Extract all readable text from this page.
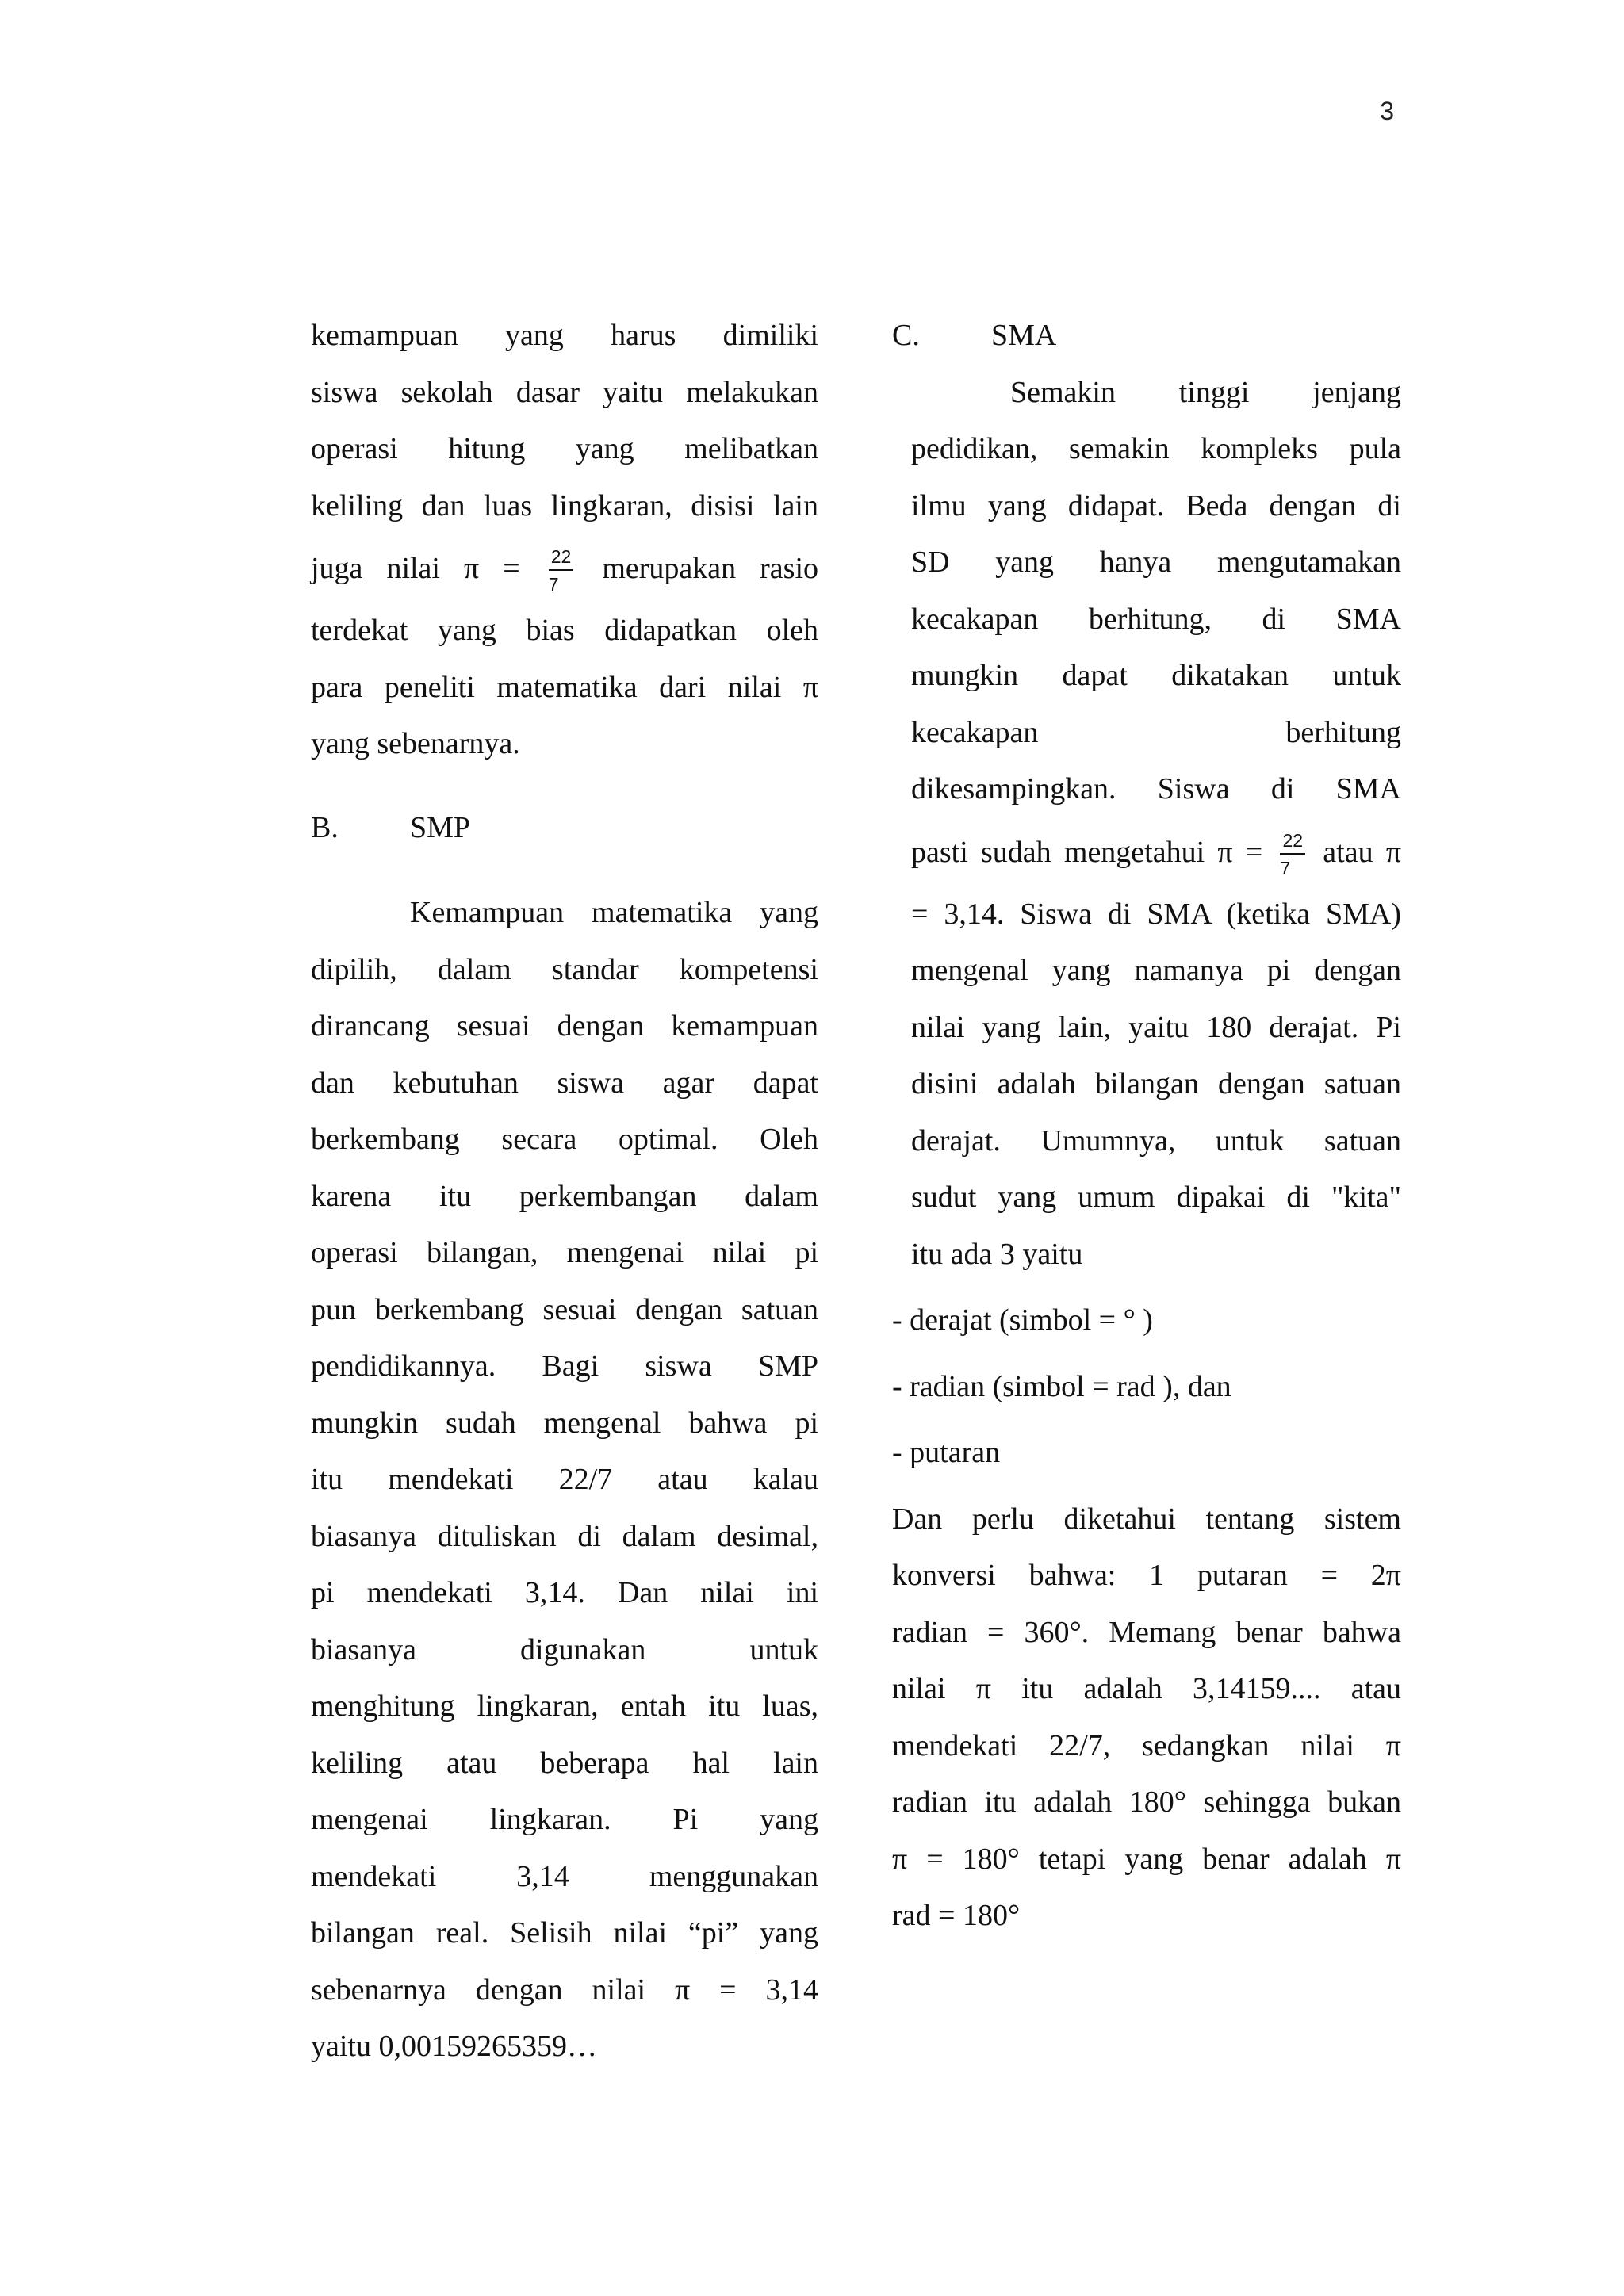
3

kemampuan yang harus dimiliki

siswa sekolah dasar yaitu melakukan

operasi hitung yang melibatkan

keliling dan luas lingkaran, disisi lain

juga nilai $\pi = \frac{22}{7}$ merupakan rasio

terdekat yang bias didapatkan oleh

para peneliti matematika dari nilai π

yang sebenarnya.

B.	SMP

Kemampuan matematika yang

dipilih, dalam standar kompetensi

dirancang sesuai dengan kemampuan

dan kebutuhan siswa agar dapat

berkembang secara optimal. Oleh

karena itu perkembangan dalam

operasi bilangan, mengenai nilai pi

pun berkembang sesuai dengan satuan

pendidikannya. Bagi siswa SMP

mungkin sudah mengenal bahwa pi

itu mendekati 22/7 atau kalau

biasanya dituliskan di dalam desimal,

pi mendekati 3,14. Dan nilai ini

biasanya digunakan untuk

menghitung lingkaran, entah itu luas,

keliling atau beberapa hal lain

mengenai lingkaran. Pi yang

mendekati 3,14 menggunakan

bilangan real. Selisih nilai “pi” yang

sebenarnya dengan nilai π = 3,14

yaitu 0,00159265359…

C.	SMA

Semakin tinggi jenjang

pedidikan, semakin kompleks pula

ilmu yang didapat. Beda dengan di

SD yang hanya mengutamakan

kecakapan berhitung, di SMA

mungkin dapat dikatakan untuk

kecakapan berhitung

dikesampingkan. Siswa di SMA

pasti sudah mengetahui $\pi = \frac{22}{7}$ atau π

= 3,14. Siswa di SMA (ketika SMA)

mengenal yang namanya pi dengan

nilai yang lain, yaitu 180 derajat. Pi

disini adalah bilangan dengan satuan

derajat. Umumnya, untuk satuan

sudut yang umum dipakai di "kita"

itu ada 3 yaitu

- derajat (simbol = ° )

- radian (simbol = rad ), dan

- putaran

Dan perlu diketahui tentang sistem

konversi bahwa: 1 putaran = 2π

radian = 360°. Memang benar bahwa

nilai π itu adalah 3,14159.... atau

mendekati 22/7, sedangkan nilai π

radian itu adalah 180° sehingga bukan

π = 180° tetapi yang benar adalah π

rad = 180°
